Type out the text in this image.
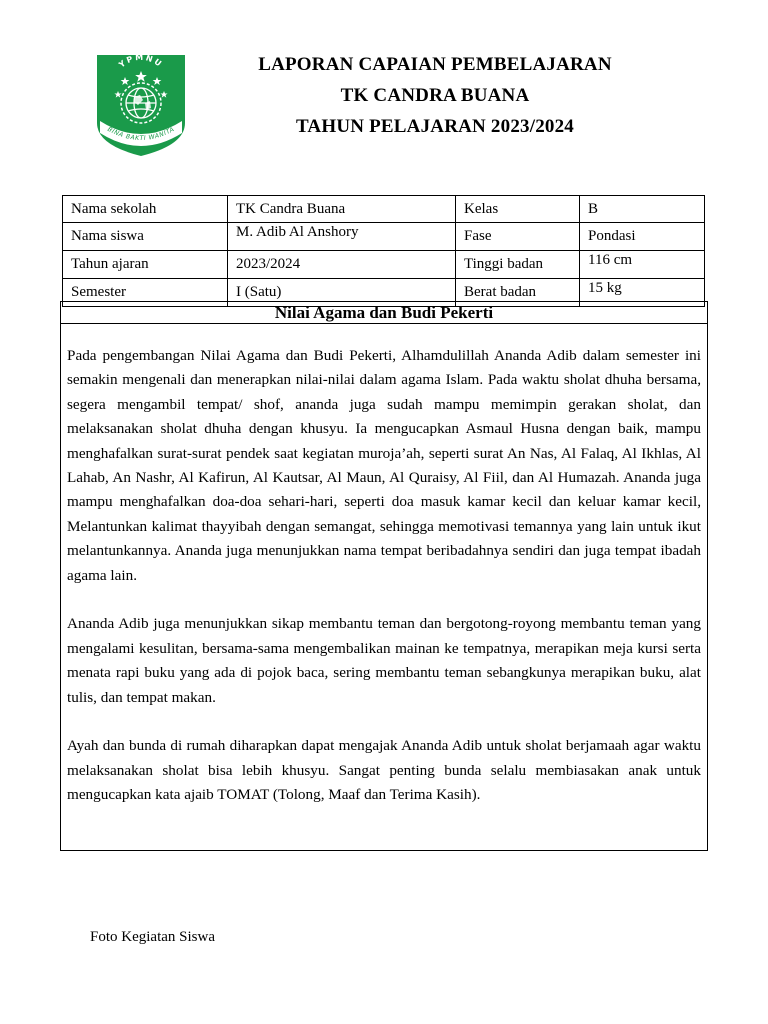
YPMNU
BINA BAKTI WANITA
LAPORAN CAPAIAN PEMBELAJARAN
TK CANDRA BUANA
TAHUN PELAJARAN 2023/2024
Nama sekolah	TK Candra Buana	Kelas	B
Nama siswa	M. Adib Al Anshory	Fase	Pondasi
Tahun ajaran	2023/2024	Tinggi badan	116 cm
Semester	I (Satu)	Berat badan	15 kg
Nilai Agama dan Budi Pekerti

Pada pengembangan Nilai Agama dan Budi Pekerti, Alhamdulillah Ananda Adib dalam semester ini semakin mengenali dan menerapkan nilai-nilai dalam agama Islam. Pada waktu sholat dhuha bersama, segera mengambil tempat/ shof, ananda juga sudah mampu memimpin gerakan sholat, dan melaksanakan sholat dhuha dengan khusyu. Ia mengucapkan Asmaul Husna dengan baik, mampu menghafalkan surat-surat pendek saat kegiatan muroja’ah, seperti surat An Nas, Al Falaq, Al Ikhlas, Al Lahab, An Nashr, Al Kafirun, Al Kautsar, Al Maun, Al Quraisy, Al Fiil, dan Al Humazah. Ananda juga mampu menghafalkan doa-doa sehari-hari, seperti doa masuk kamar kecil dan keluar kamar kecil, Melantunkan kalimat thayyibah dengan semangat, sehingga memotivasi temannya yang lain untuk ikut melantunkannya. Ananda juga menunjukkan nama tempat beribadahnya sendiri dan juga tempat ibadah agama lain.

Ananda Adib juga menunjukkan sikap membantu teman dan bergotong-royong membantu teman yang mengalami kesulitan, bersama-sama mengembalikan mainan ke tempatnya, merapikan meja kursi serta menata rapi buku yang ada di pojok baca, sering membantu teman sebangkunya merapikan buku, alat tulis, dan tempat makan.

Ayah dan bunda di rumah diharapkan dapat mengajak Ananda Adib untuk sholat berjamaah agar waktu melaksanakan sholat bisa lebih khusyu. Sangat penting bunda selalu membiasakan anak untuk mengucapkan kata ajaib TOMAT (Tolong, Maaf dan Terima Kasih).

Foto Kegiatan Siswa
